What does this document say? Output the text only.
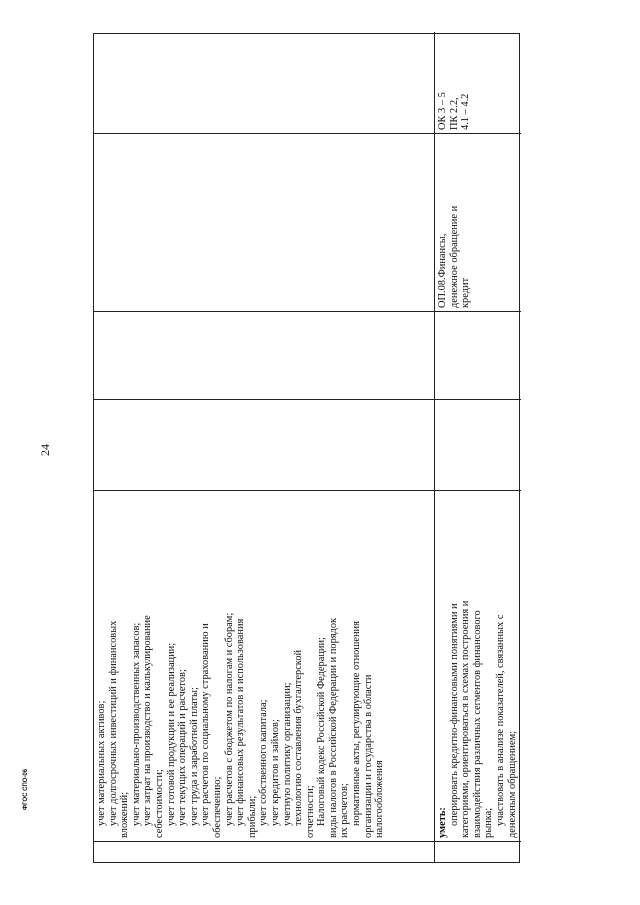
24
ФГОС СПО-06	учет материальных активов; учет долгосрочных инвестиций и финансовых вложений; учет материально-производственных запасов; учет затрат на производство и калькулирование себестоимости; учет готовой продукции и ее реализации; учет текущих операций и расчетов; учет труда и заработной платы; учет расчетов по социальному страхованию и обеспечению; учет расчетов с бюджетом по налогам и сборам; учет финансовых результатов и использования прибыли; учет собственного капитала; учет кредитов и займов; учетную политику организации; технологию составления бухгалтерской отчетности; Налоговый кодекс Российской Федерации; виды налогов в Российской Федерации и порядок их расчетов; нормативные акты, регулирующие отношения организации и государства в области налогообложения	уметь: оперировать кредитно-финансовыми понятиями и категориями, ориентироваться в схемах построения и взаимодействия различных сегментов финансового рынка; участвовать в анализе показателей, связанных с денежным обращением;
ОП.08.Финансы, денежное обращение и кредит
ОК 3 – 5 ПК 2.2, 4.1 – 4.2
